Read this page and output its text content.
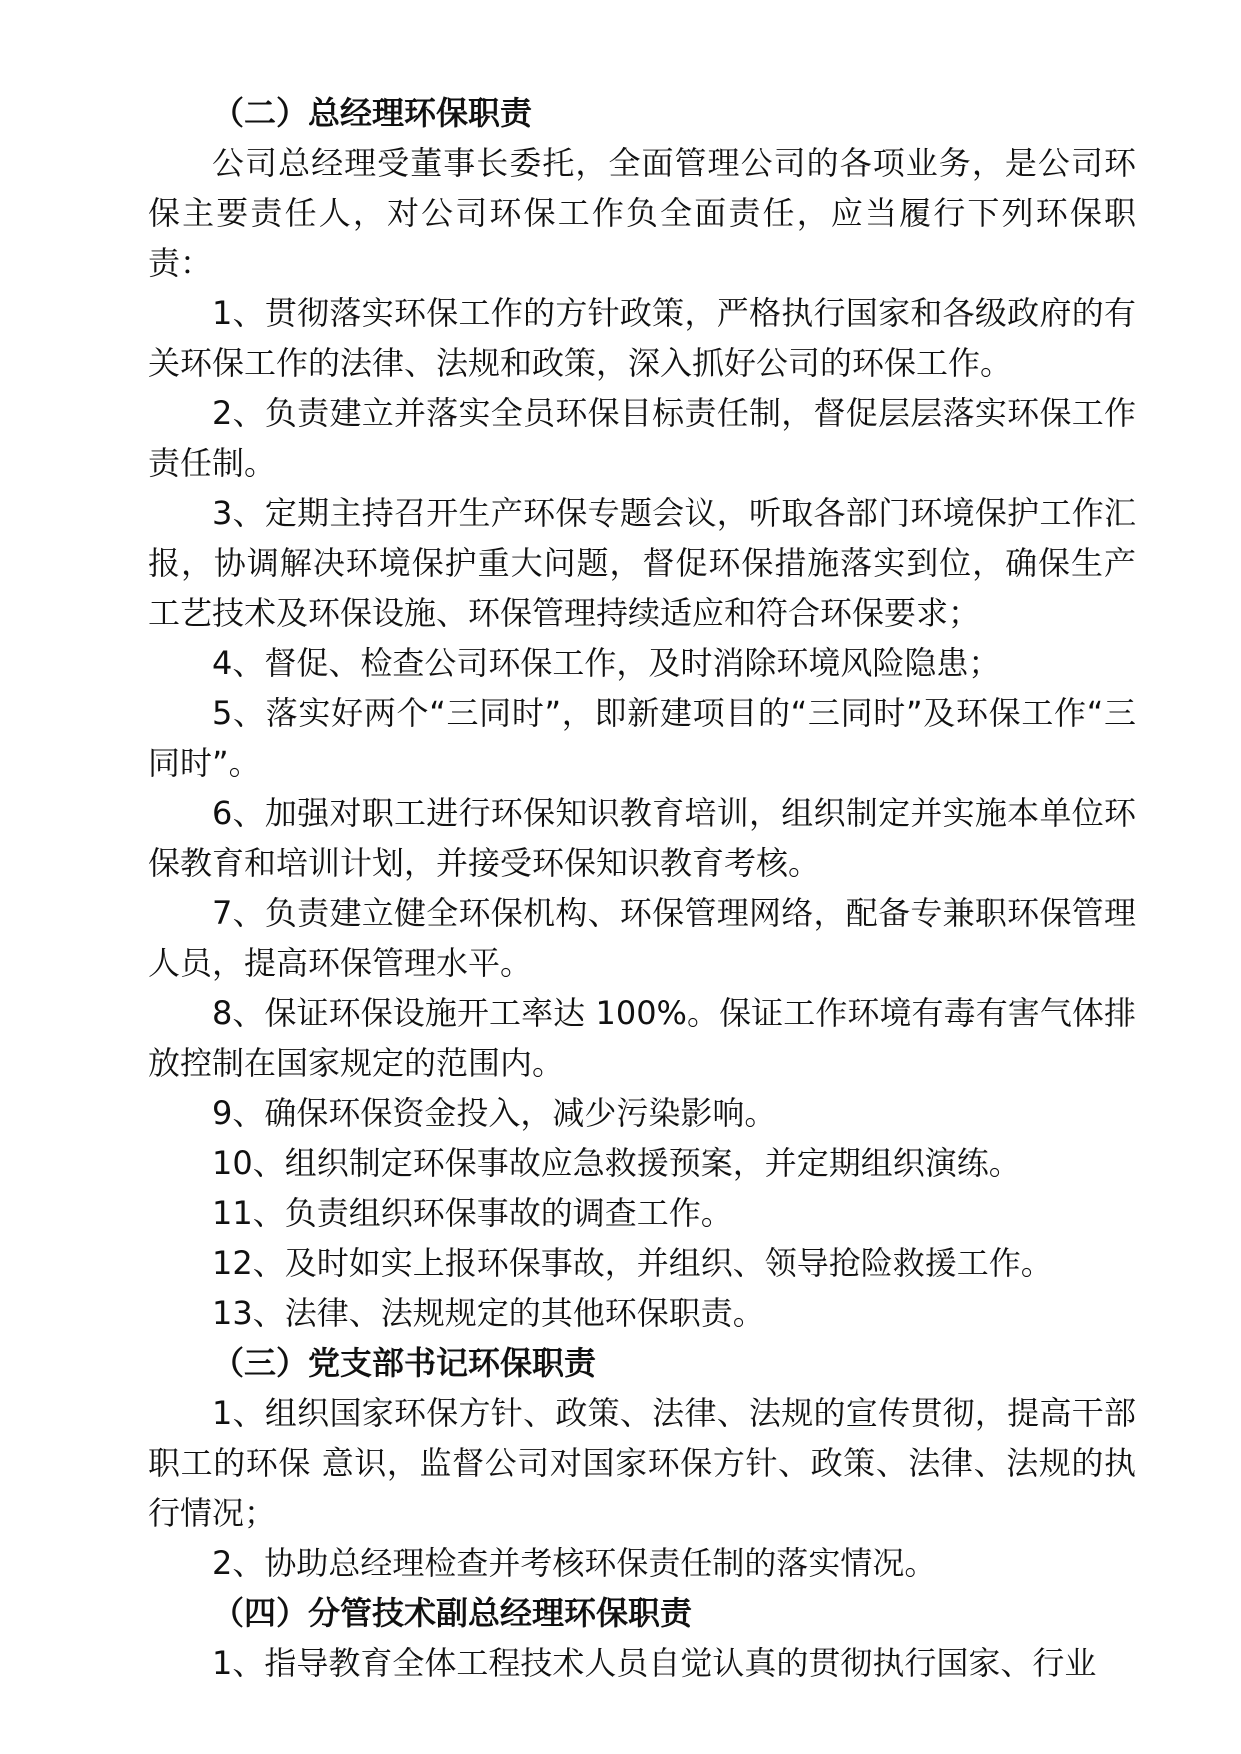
（二）总经理环保职责

公司总经理受董事长委托，全面管理公司的各项业务，是公司环保主要责任人，对公司环保工作负全面责任，应当履行下列环保职责：

1、贯彻落实环保工作的方针政策，严格执行国家和各级政府的有关环保工作的法律、法规和政策，深入抓好公司的环保工作。

2、负责建立并落实全员环保目标责任制，督促层层落实环保工作责任制。

3、定期主持召开生产环保专题会议，听取各部门环境保护工作汇报，协调解决环境保护重大问题，督促环保措施落实到位，确保生产工艺技术及环保设施、环保管理持续适应和符合环保要求；

4、督促、检查公司环保工作，及时消除环境风险隐患；

5、落实好两个“三同时”，即新建项目的“三同时”及环保工作“三同时”。

6、加强对职工进行环保知识教育培训，组织制定并实施本单位环保教育和培训计划，并接受环保知识教育考核。

7、负责建立健全环保机构、环保管理网络，配备专兼职环保管理人员，提高环保管理水平。

8、保证环保设施开工率达 100%。保证工作环境有毒有害气体排放控制在国家规定的范围内。

9、确保环保资金投入，减少污染影响。

10、组织制定环保事故应急救援预案，并定期组织演练。

11、负责组织环保事故的调查工作。

12、及时如实上报环保事故，并组织、领导抢险救援工作。

13、法律、法规规定的其他环保职责。

（三）党支部书记环保职责

1、组织国家环保方针、政策、法律、法规的宣传贯彻，提高干部职工的环保 意识，监督公司对国家环保方针、政策、法律、法规的执行情况；

2、协助总经理检查并考核环保责任制的落实情况。

（四）分管技术副总经理环保职责

1、指导教育全体工程技术人员自觉认真的贯彻执行国家、行业
